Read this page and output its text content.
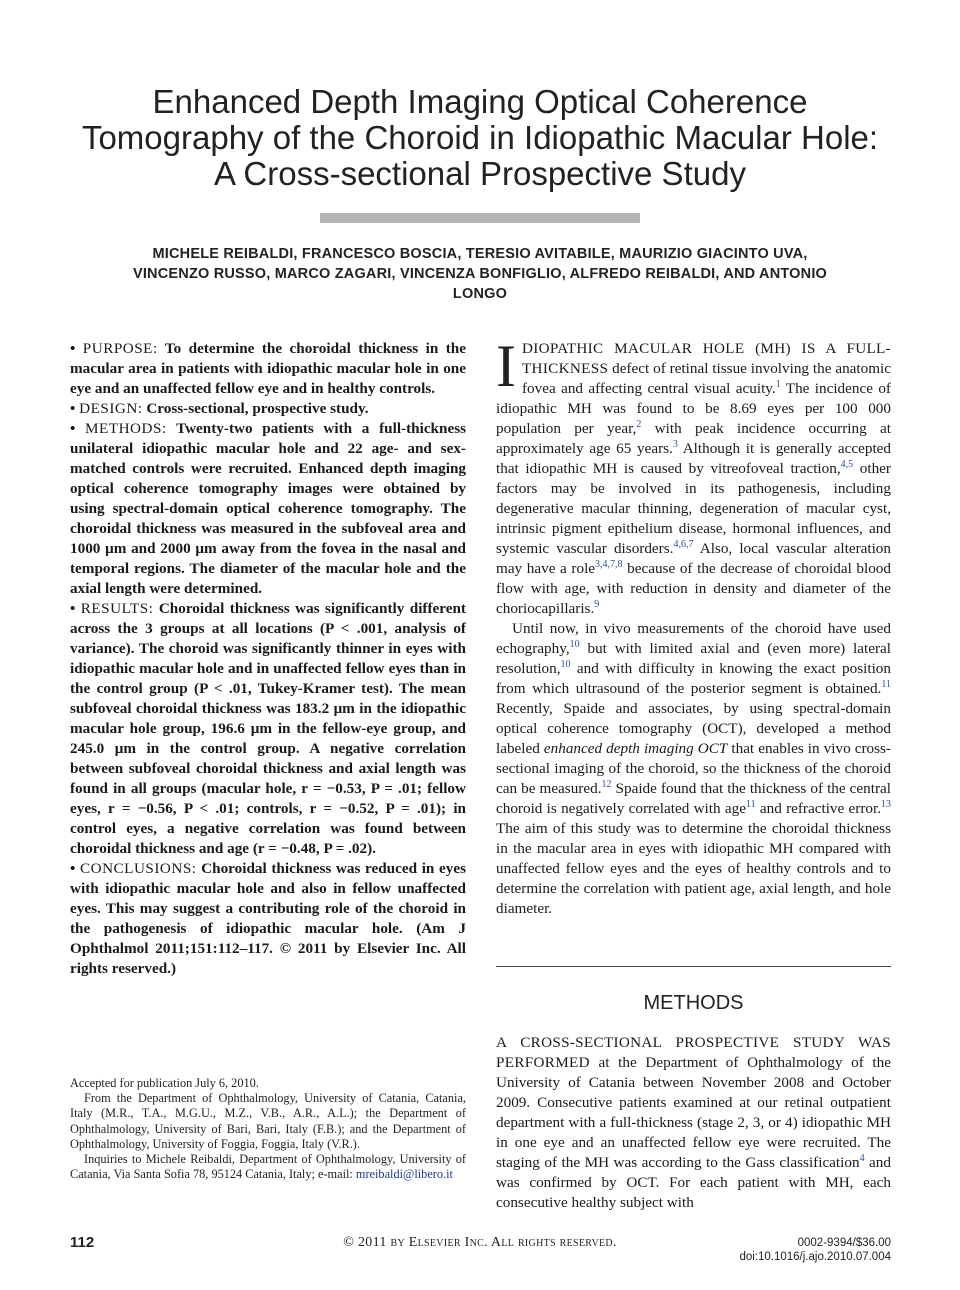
Enhanced Depth Imaging Optical Coherence
Tomography of the Choroid in Idiopathic Macular Hole:
A Cross-sectional Prospective Study
MICHELE REIBALDI, FRANCESCO BOSCIA, TERESIO AVITABILE, MAURIZIO GIACINTO UVA,
VINCENZO RUSSO, MARCO ZAGARI, VINCENZA BONFIGLIO, ALFREDO REIBALDI, AND ANTONIO
LONGO

• PURPOSE: To determine the choroidal thickness in the macular area in patients with idiopathic macular hole in one eye and an unaffected fellow eye and in healthy controls.

• DESIGN: Cross-sectional, prospective study.

• METHODS: Twenty-two patients with a full-thickness unilateral idiopathic macular hole and 22 age- and sex-matched controls were recruited. Enhanced depth imaging optical coherence tomography images were obtained by using spectral-domain optical coherence tomography. The choroidal thickness was measured in the subfoveal area and 1000 μm and 2000 μm away from the fovea in the nasal and temporal regions. The diameter of the macular hole and the axial length were determined.

• RESULTS: Choroidal thickness was significantly different across the 3 groups at all locations (P < .001, analysis of variance). The choroid was significantly thinner in eyes with idiopathic macular hole and in unaffected fellow eyes than in the control group (P < .01, Tukey-Kramer test). The mean subfoveal choroidal thickness was 183.2 μm in the idiopathic macular hole group, 196.6 μm in the fellow-eye group, and 245.0 μm in the control group. A negative correlation between subfoveal choroidal thickness and axial length was found in all groups (macular hole, r = −0.53, P = .01; fellow eyes, r = −0.56, P < .01; controls, r = −0.52, P = .01); in control eyes, a negative correlation was found between choroidal thickness and age (r = −0.48, P = .02).

• CONCLUSIONS: Choroidal thickness was reduced in eyes with idiopathic macular hole and also in fellow unaffected eyes. This may suggest a contributing role of the choroid in the pathogenesis of idiopathic macular hole. (Am J Ophthalmol 2011;151:112–117. © 2011 by Elsevier Inc. All rights reserved.)

Accepted for publication July 6, 2010.

From the Department of Ophthalmology, University of Catania, Catania, Italy (M.R., T.A., M.G.U., M.Z., V.B., A.R., A.L.); the Department of Ophthalmology, University of Bari, Bari, Italy (F.B.); and the Department of Ophthalmology, University of Foggia, Foggia, Italy (V.R.).

Inquiries to Michele Reibaldi, Department of Ophthalmology, University of Catania, Via Santa Sofia 78, 95124 Catania, Italy; e-mail: mreibaldi@libero.it

IDIOPATHIC MACULAR HOLE (MH) IS A FULL-THICKNESS defect of retinal tissue involving the anatomic fovea and affecting central visual acuity.$^1$ The incidence of idiopathic MH was found to be 8.69 eyes per 100 000 population per year,$^2$ with peak incidence occurring at approximately age 65 years.$^3$ Although it is generally accepted that idiopathic MH is caused by vitreofoveal traction,$^{4,5}$ other factors may be involved in its pathogenesis, including degenerative macular thinning, degeneration of macular cyst, intrinsic pigment epithelium disease, hormonal influences, and systemic vascular disorders.$^{4,6,7}$ Also, local vascular alteration may have a role$^{3,4,7,8}$ because of the decrease of choroidal blood flow with age, with reduction in density and diameter of the choriocapillaris.$^9$

Until now, in vivo measurements of the choroid have used echography,$^{10}$ but with limited axial and (even more) lateral resolution,$^{10}$ and with difficulty in knowing the exact position from which ultrasound of the posterior segment is obtained.$^{11}$ Recently, Spaide and associates, by using spectral-domain optical coherence tomography (OCT), developed a method labeled enhanced depth imaging OCT that enables in vivo cross-sectional imaging of the choroid, so the thickness of the choroid can be measured.$^{12}$ Spaide found that the thickness of the central choroid is negatively correlated with age$^{11}$ and refractive error.$^{13}$ The aim of this study was to determine the choroidal thickness in the macular area in eyes with idiopathic MH compared with unaffected fellow eyes and the eyes of healthy controls and to determine the correlation with patient age, axial length, and hole diameter.

METHODS

A CROSS-SECTIONAL PROSPECTIVE STUDY WAS PERFORMED at the Department of Ophthalmology of the University of Catania between November 2008 and October 2009. Consecutive patients examined at our retinal outpatient department with a full-thickness (stage 2, 3, or 4) idiopathic MH in one eye and an unaffected fellow eye were recruited. The staging of the MH was according to the Gass classification$^4$ and was confirmed by OCT. For each patient with MH, each consecutive healthy subject with

112	© 2011 by Elsevier Inc. All rights reserved.	0002-9394/$36.00
doi:10.1016/j.ajo.2010.07.004
